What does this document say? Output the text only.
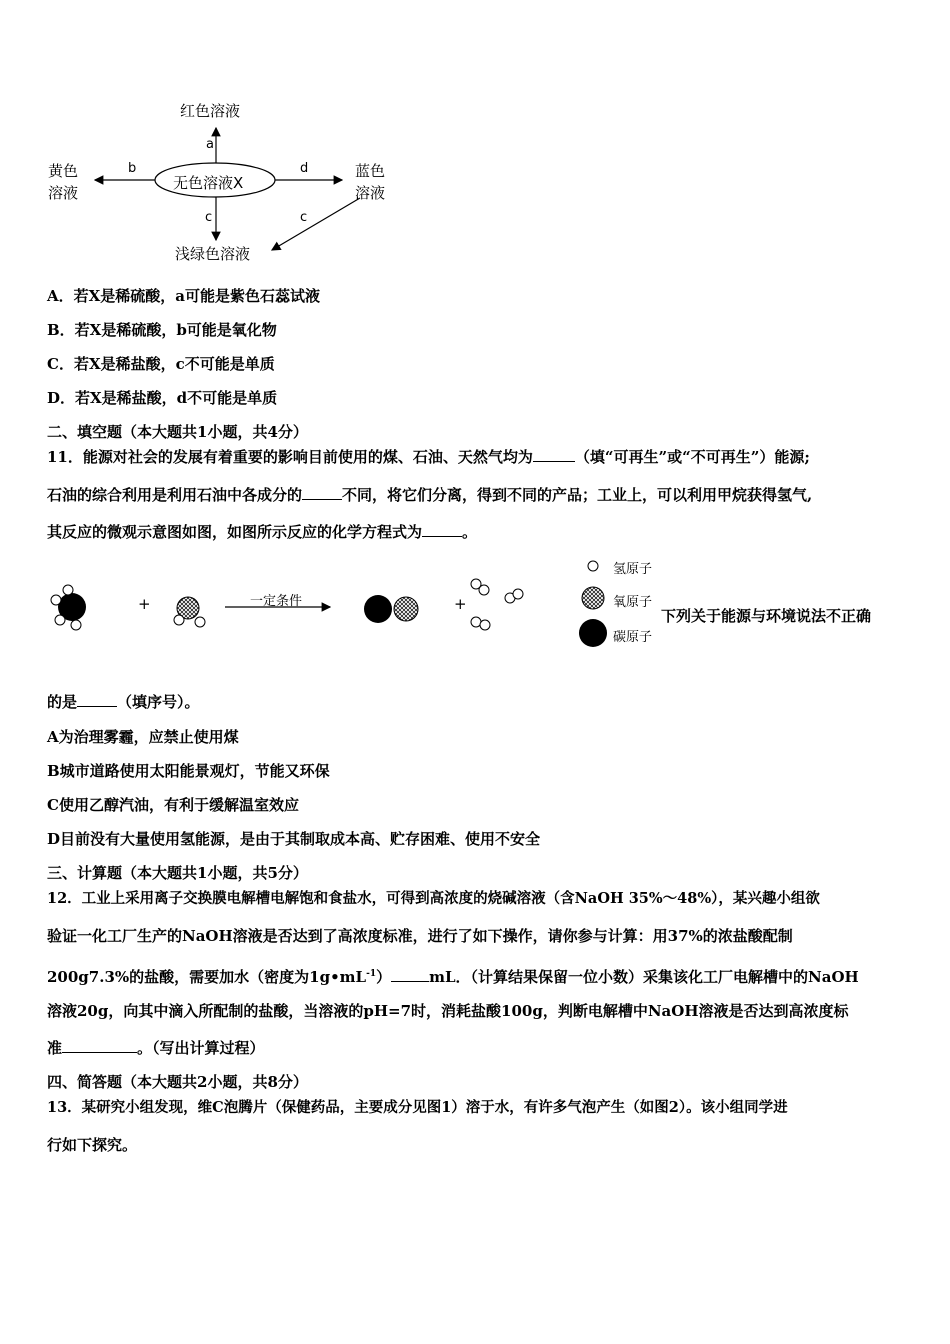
无色溶液X
红色溶液
黄色
溶液
蓝色
溶液
浅绿色溶液
a
b	d
c	c
A．若X是稀硫酸，a可能是紫色石蕊试液
B．若X是稀硫酸，b可能是氧化物
C．若X是稀盐酸，c不可能是单质
D．若X是稀盐酸，d不可能是单质
二、填空题（本大题共1小题，共4分）
11．能源对社会的发展有着重要的影响目前使用的煤、石油、天然气均为	（填“可再生”或“不可再生”）能源;
石油的综合利用是利用石油中各成分的	不同，将它们分离，得到不同的产品；工业上，可以利用甲烷获得氢气,
其反应的微观示意图如图，如图所示反应的化学方程式为	。
一定条件
+	+
氢原子
氧原子
碳原子
下列关于能源与环境说法不正确
的是	（填序号）。
A为治理雾霾，应禁止使用煤
B城市道路使用太阳能景观灯，节能又环保
C使用乙醇汽油，有利于缓解温室效应
D目前没有大量使用氢能源，是由于其制取成本高、贮存困难、使用不安全
三、计算题（本大题共1小题，共5分）
12．工业上采用离子交换膜电解槽电解饱和食盐水，可得到高浓度的烧碱溶液（含NaOH 35%～48%），某兴趣小组欲
验证一化工厂生产的NaOH溶液是否达到了高浓度标准，进行了如下操作，请你参与计算：用37%的浓盐酸配制
200g7.3%的盐酸，需要加水（密度为$1g•mL^{-1}$）	mL．（计算结果保留一位小数）采集该化工厂电解槽中的NaOH
溶液20g，向其中滴入所配制的盐酸，当溶液的pH=7时，消耗盐酸100g，判断电解槽中NaOH溶液是否达到高浓度标
准	。（写出计算过程）
四、简答题（本大题共2小题，共8分）
13．某研究小组发现，维C泡腾片（保健药品，主要成分见图1）溶于水，有许多气泡产生（如图2）。该小组同学进
行如下探究。
